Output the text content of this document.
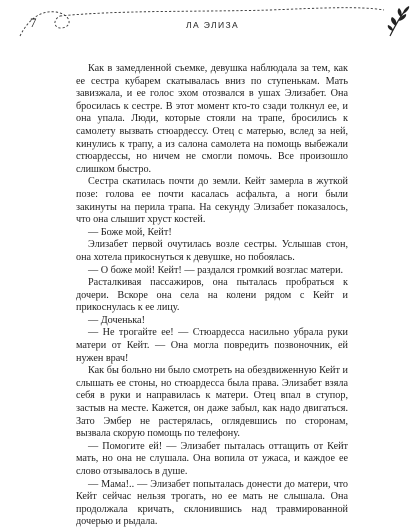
7	ЛА ЭЛИЗА

Как в замедленной съемке, девушка наблюдала за тем, как ее сестра кубарем скатывалась вниз по ступенькам. Мать завизжала, и ее голос эхом отозвался в ушах Элизабет. Она бросилась к сестре. В этот момент кто-то сзади толкнул ее, и она упала. Люди, которые стояли на трапе, бросились к самолету вызвать стюардессу. Отец с матерью, вслед за ней, кинулись к трапу, а из салона самолета на помощь выбежали стюардессы, но ничем не смогли помочь. Все произошло слишком быстро.

Сестра скатилась почти до земли. Кейт замерла в жуткой позе: голова ее почти касалась асфальта, а ноги были закинуты на перила трапа. На секунду Элизабет показалось, что она слышит хруст костей.

— Боже мой, Кейт!

Элизабет первой очутилась возле сестры. Услышав стон, она хотела прикоснуться к девушке, но побоялась.

— О боже мой! Кейт! — раздался громкий возглас матери.

Расталкивая пассажиров, она пыталась пробраться к дочери. Вскоре она села на колени рядом с Кейт и прикоснулась к ее лицу.

— Доченька!

— Не трогайте ее! — Стюардесса насильно убрала руки матери от Кейт. — Она могла повредить позвоночник, ей нужен врач!

Как бы больно ни было смотреть на обездвиженную Кейт и слышать ее стоны, но стюардесса была права. Элизабет взяла себя в руки и направилась к матери. Отец впал в ступор, застыв на месте. Кажется, он даже забыл, как надо двигаться. Зато Эмбер не растерялась, оглядевшись по сторонам, вызвала скорую помощь по телефону.

— Помогите ей! — Элизабет пыталась оттащить от Кейт мать, но она не слушала. Она вопила от ужаса, и каждое ее слово отзывалось в душе.

— Мама!.. — Элизабет попыталась донести до матери, что Кейт сейчас нельзя трогать, но ее мать не слышала. Она продолжала кричать, склонившись над травмированной дочерью и рыдала.
